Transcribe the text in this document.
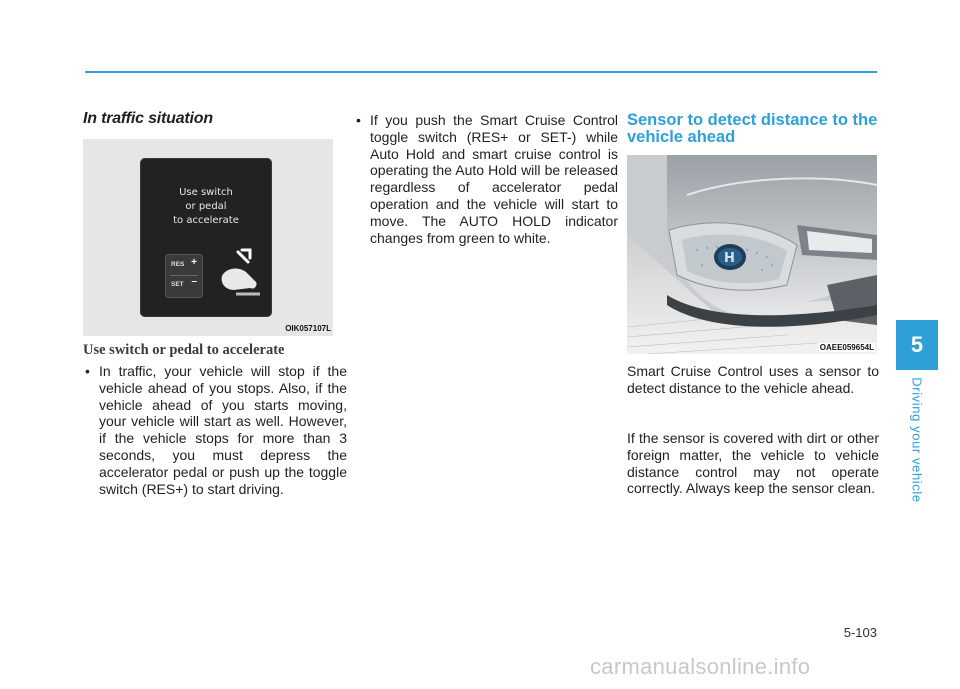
In traffic situation
Use switch
or pedal
to accelerate
RES +
SET –
OIK057107L
Use switch or pedal to accelerate
• In traffic, your vehicle will stop if the vehicle ahead of you stops. Also, if the vehicle ahead of you starts moving, your vehicle will start as well. However, if the vehicle stops for more than 3 seconds, you must depress the accelerator pedal or push up the toggle switch (RES+) to start driving.
• If you push the Smart Cruise Control toggle switch (RES+ or SET-) while Auto Hold and smart cruise control is operating the Auto Hold will be released regardless of accelerator pedal operation and the vehicle will start to move. The AUTO HOLD indicator changes from green to white.
Sensor to detect distance to the vehicle ahead
H
OAEE059654L
Smart Cruise Control uses a sensor to detect distance to the vehicle ahead.
If the sensor is covered with dirt or other foreign matter, the vehicle to vehicle distance control may not operate correctly. Always keep the sensor clean.
5
Driving your vehicle
5-103
carmanualsonline.info
